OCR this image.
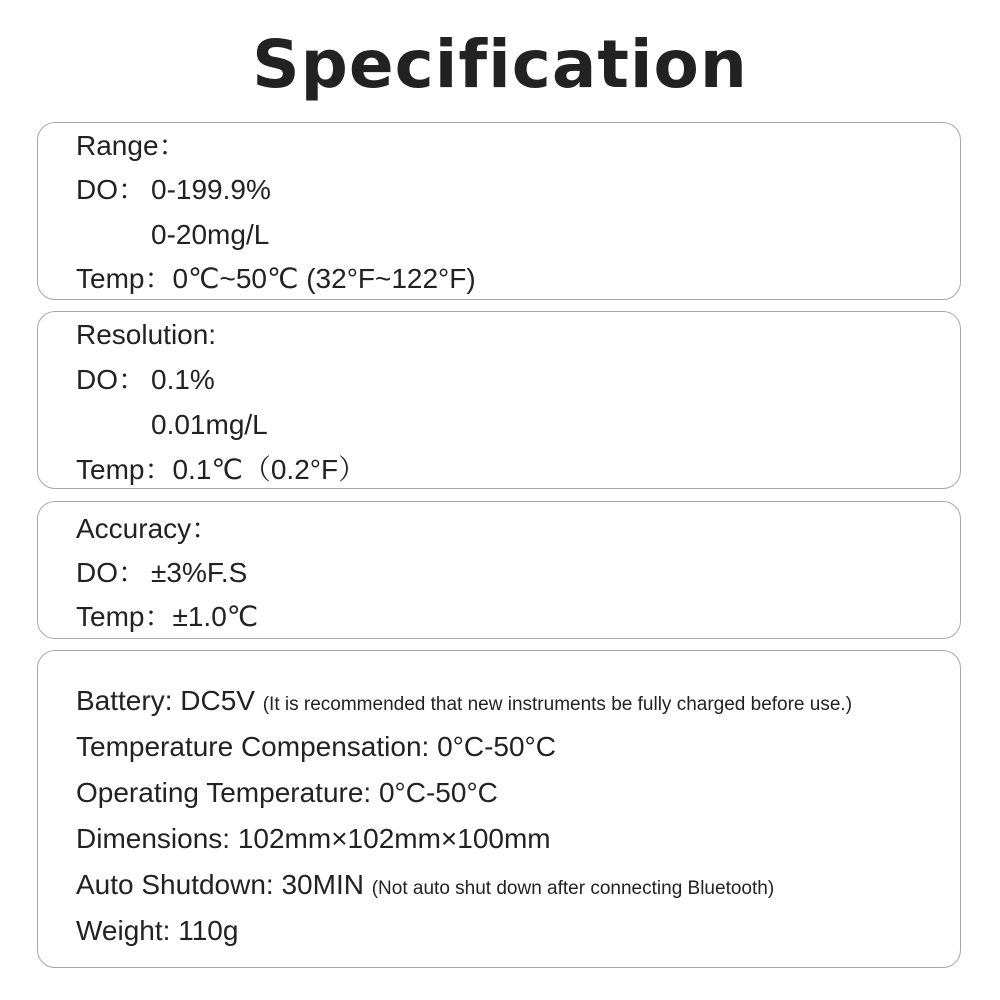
Specification
Range：
DO： 0-199.9%
0-20mg/L
Temp：0℃~50℃ (32°F~122°F)
Resolution:
DO： 0.1%
0.01mg/L
Temp：0.1℃（0.2°F）
Accuracy：
DO： ±3%F.S
Temp：±1.0℃
Battery: DC5V (It is recommended that new instruments be fully charged before use.)
Temperature Compensation: 0°C-50°C
Operating Temperature: 0°C-50°C
Dimensions: 102mm×102mm×100mm
Auto Shutdown: 30MIN (Not auto shut down after connecting Bluetooth)
Weight: 110g
